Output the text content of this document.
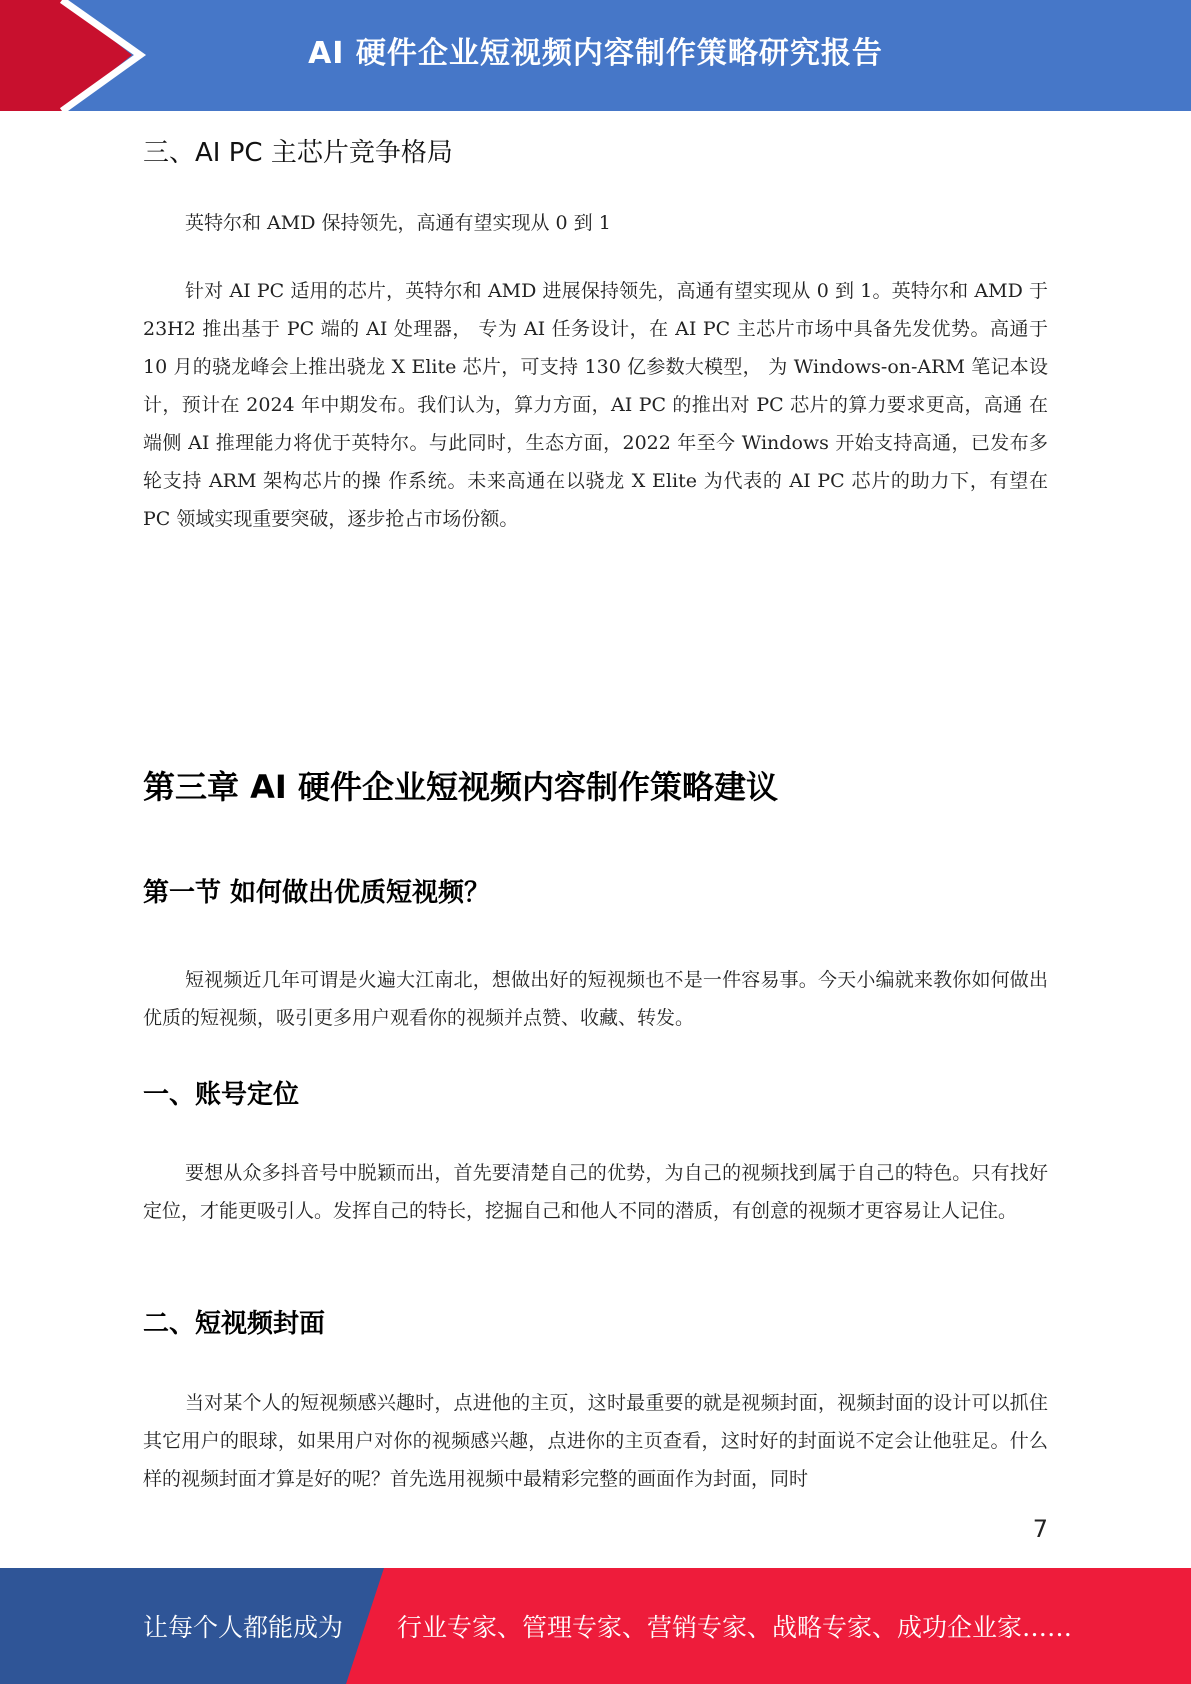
AI 硬件企业短视频内容制作策略研究报告
三、AI PC 主芯片竞争格局

英特尔和 AMD 保持领先，高通有望实现从 0 到 1

针对 AI PC 适用的芯片，英特尔和 AMD 进展保持领先，高通有望实现从 0 到 1。英特尔和 AMD 于 23H2 推出基于 PC 端的 AI 处理器， 专为 AI 任务设计，在 AI PC 主芯片市场中具备先发优势。高通于 10 月的骁龙峰会上推出骁龙 X Elite 芯片，可支持 130 亿参数大模型， 为 Windows-on-ARM 笔记本设计，预计在 2024 年中期发布。我们认为，算力方面，AI PC 的推出对 PC 芯片的算力要求更高，高通 在端侧 AI 推理能力将优于英特尔。与此同时，生态方面，2022 年至今 Windows 开始支持高通，已发布多轮支持 ARM 架构芯片的操 作系统。未来高通在以骁龙 X Elite 为代表的 AI PC 芯片的助力下，有望在 PC 领域实现重要突破，逐步抢占市场份额。

第三章 AI 硬件企业短视频内容制作策略建议
第一节 如何做出优质短视频？

短视频近几年可谓是火遍大江南北，想做出好的短视频也不是一件容易事。今天小编就来教你如何做出优质的短视频，吸引更多用户观看你的视频并点赞、收藏、转发。

一、账号定位

要想从众多抖音号中脱颖而出，首先要清楚自己的优势，为自己的视频找到属于自己的特色。只有找好定位，才能更吸引人。发挥自己的特长，挖掘自己和他人不同的潜质，有创意的视频才更容易让人记住。

二、短视频封面

当对某个人的短视频感兴趣时，点进他的主页，这时最重要的就是视频封面，视频封面的设计可以抓住其它用户的眼球，如果用户对你的视频感兴趣，点进你的主页查看，这时好的封面说不定会让他驻足。什么样的视频封面才算是好的呢？首先选用视频中最精彩完整的画面作为封面，同时

7
让每个人都能成为 行业专家、管理专家、营销专家、战略专家、成功企业家……
